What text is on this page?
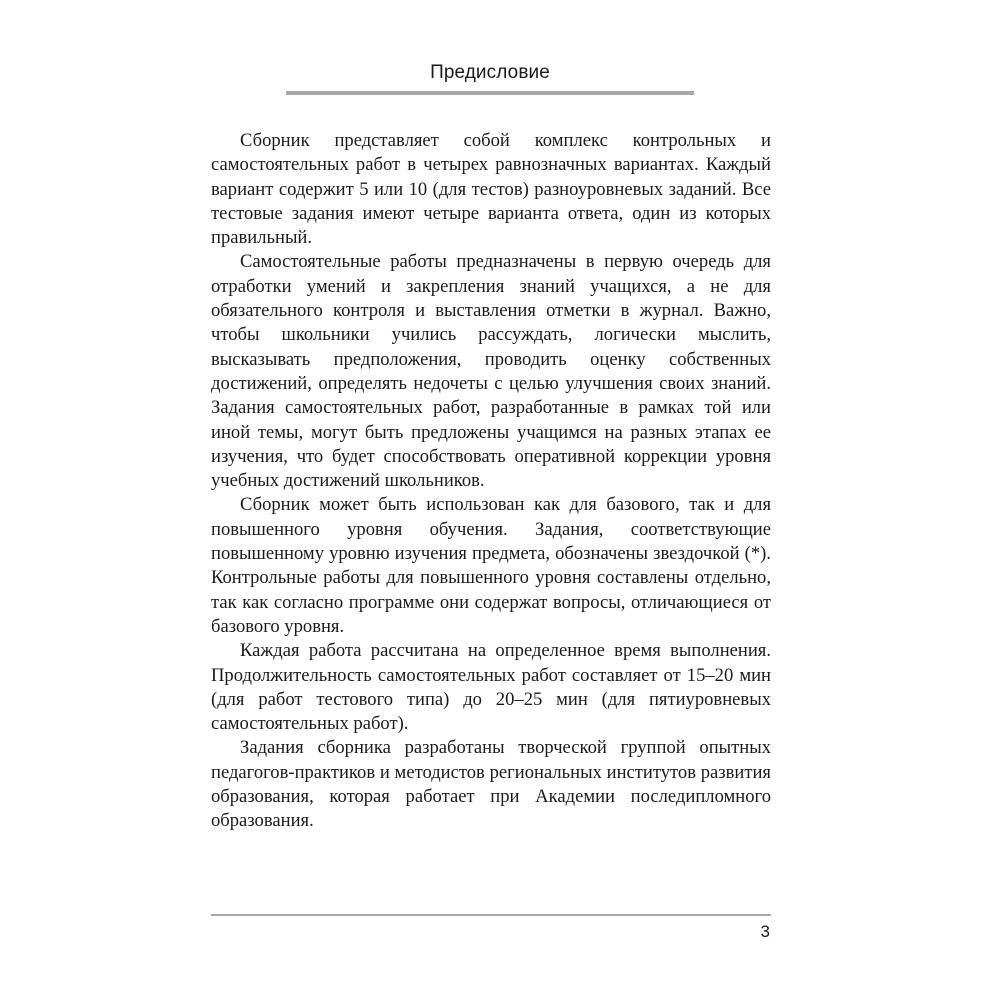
Предисловие

Сборник представляет собой комплекс контрольных и самостоятельных работ в четырех равнозначных вариантах. Каждый вариант содержит 5 или 10 (для тестов) разноуровневых заданий. Все тестовые задания имеют четыре варианта ответа, один из которых правильный.

Самостоятельные работы предназначены в первую очередь для отработки умений и закрепления знаний учащихся, а не для обязательного контроля и выставления отметки в журнал. Важно, чтобы школьники учились рассуждать, логически мыслить, высказывать предположения, проводить оценку собственных достижений, определять недочеты с целью улучшения своих знаний. Задания самостоятельных работ, разработанные в рамках той или иной темы, могут быть предложены учащимся на разных этапах ее изучения, что будет способствовать оперативной коррекции уровня учебных достижений школьников.

Сборник может быть использован как для базового, так и для повышенного уровня обучения. Задания, соответствующие повышенному уровню изучения предмета, обозначены звездочкой (*). Контрольные работы для повышенного уровня составлены отдельно, так как согласно программе они содержат вопросы, отличающиеся от базового уровня.

Каждая работа рассчитана на определенное время выполнения. Продолжительность самостоятельных работ составляет от 15–20 мин (для работ тестового типа) до 20–25 мин (для пятиуровневых самостоятельных работ).

Задания сборника разработаны творческой группой опытных педагогов-практиков и методистов региональных институтов развития образования, которая работает при Академии последипломного образования.

3
